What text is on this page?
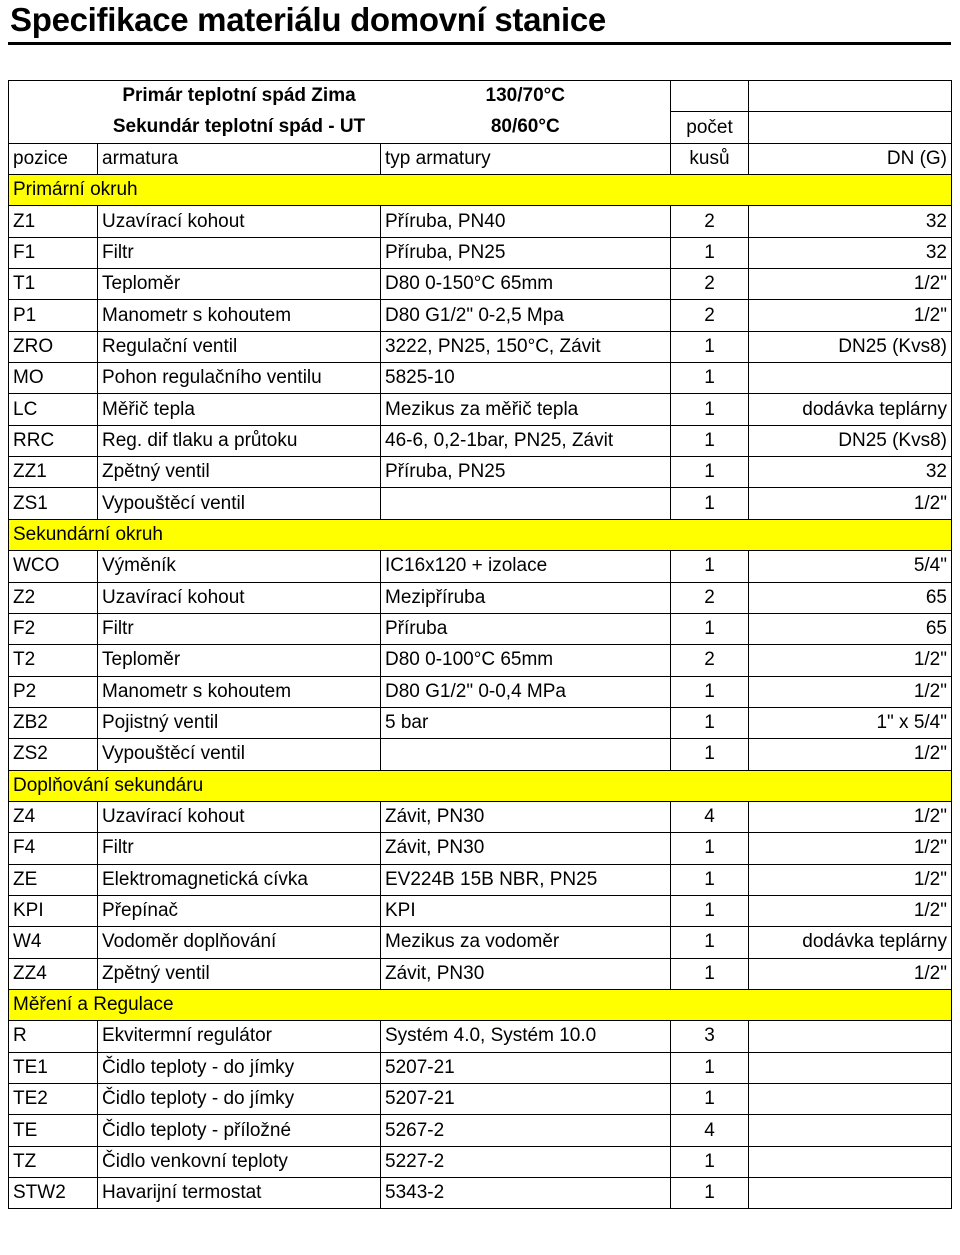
Specifikace materiálu domovní stanice
	Primár teplotní spád Zima	130/70°C		
	Sekundár teplotní spád - UT	80/60°C	počet	
pozice	armatura	typ armatury	kusů	DN (G)
Primární okruh				
Z1	Uzavírací kohout	Příruba, PN40	2	32
F1	Filtr	Příruba, PN25	1	32
T1	Teploměr	D80 0-150°C 65mm	2	1/2"
P1	Manometr s kohoutem	D80 G1/2" 0-2,5 Mpa	2	1/2"
ZRO	Regulační ventil	3222, PN25, 150°C, Závit	1	DN25 (Kvs8)
MO	Pohon regulačního ventilu	5825-10	1	
LC	Měřič tepla	Mezikus za měřič tepla	1	dodávka teplárny
RRC	Reg. dif tlaku a průtoku	46-6, 0,2-1bar, PN25, Závit	1	DN25 (Kvs8)
ZZ1	Zpětný ventil	Příruba, PN25	1	32
ZS1	Vypouštěcí ventil		1	1/2"
Sekundární okruh				
WCO	Výměník	IC16x120 + izolace	1	5/4"
Z2	Uzavírací kohout	Mezipříruba	2	65
F2	Filtr	Příruba	1	65
T2	Teploměr	D80 0-100°C 65mm	2	1/2"
P2	Manometr s kohoutem	D80 G1/2" 0-0,4 MPa	1	1/2"
ZB2	Pojistný ventil	5 bar	1	1" x 5/4"
ZS2	Vypouštěcí ventil		1	1/2"
Doplňování sekundáru				
Z4	Uzavírací kohout	Závit, PN30	4	1/2"
F4	Filtr	Závit, PN30	1	1/2"
ZE	Elektromagnetická cívka	EV224B 15B NBR, PN25	1	1/2"
KPI	Přepínač	KPI	1	1/2"
W4	Vodoměr doplňování	Mezikus za vodoměr	1	dodávka teplárny
ZZ4	Zpětný ventil	Závit, PN30	1	1/2"
Měření a Regulace				
R	Ekvitermní regulátor	Systém 4.0, Systém 10.0	3	
TE1	Čidlo teploty - do jímky	5207-21	1	
TE2	Čidlo teploty - do jímky	5207-21	1	
TE	Čidlo teploty - příložné	5267-2	4	
TZ	Čidlo venkovní teploty	5227-2	1	
STW2	Havarijní termostat	5343-2	1	
